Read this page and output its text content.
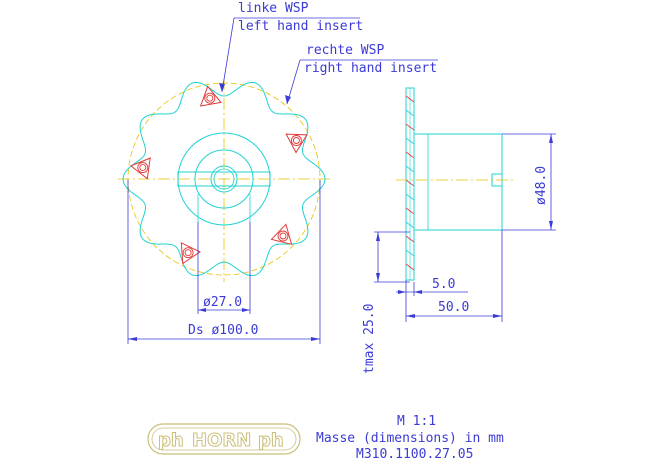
ø27.0
Ds ø100.0
linke WSP
left hand insert
rechte WSP
right hand insert
ø48.0
5.0
50.0
tmax 25.0
ph HORN ph
M 1:1
Masse (dimensions) in mm
M310.1100.27.05
